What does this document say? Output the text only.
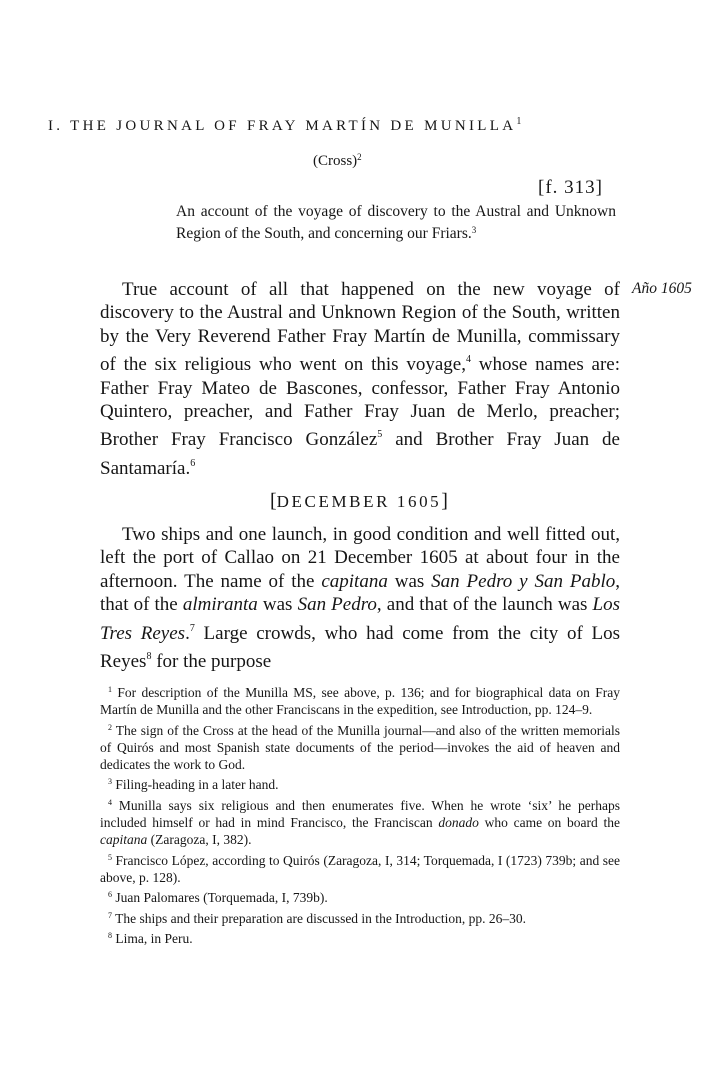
I. THE JOURNAL OF FRAY MARTÍN DE MUNILLA$^1$
(Cross)$^2$
[f. 313]
An account of the voyage of discovery to the Austral and Unknown Region of the South, and concerning our Friars.$^3$
Año 1605
True account of all that happened on the new voyage of discovery to the Austral and Unknown Region of the South, written by the Very Reverend Father Fray Martín de Munilla, commissary of the six religious who went on this voyage,$^4$ whose names are: Father Fray Mateo de Bascones, confessor, Father Fray Antonio Quintero, preacher, and Father Fray Juan de Merlo, preacher; Brother Fray Francisco González$^5$ and Brother Fray Juan de Santamaría.$^6$
[DECEMBER 1605]
Two ships and one launch, in good condition and well fitted out, left the port of Callao on 21 December 1605 at about four in the afternoon. The name of the capitana was San Pedro y San Pablo, that of the almiranta was San Pedro, and that of the launch was Los Tres Reyes.$^7$ Large crowds, who had come from the city of Los Reyes$^8$ for the purpose

$^1$ For description of the Munilla MS, see above, p. 136; and for biographical data on Fray Martín de Munilla and the other Franciscans in the expedition, see Introduction, pp. 124–9.

$^2$ The sign of the Cross at the head of the Munilla journal—and also of the written memorials of Quirós and most Spanish state documents of the period—invokes the aid of heaven and dedicates the work to God.

$^3$ Filing-heading in a later hand.

$^4$ Munilla says six religious and then enumerates five. When he wrote ‘six’ he perhaps included himself or had in mind Francisco, the Franciscan donado who came on board the capitana (Zaragoza, I, 382).

$^5$ Francisco López, according to Quirós (Zaragoza, I, 314; Torquemada, I (1723) 739b; and see above, p. 128).

$^6$ Juan Palomares (Torquemada, I, 739b).

$^7$ The ships and their preparation are discussed in the Introduction, pp. 26–30.

$^8$ Lima, in Peru.
